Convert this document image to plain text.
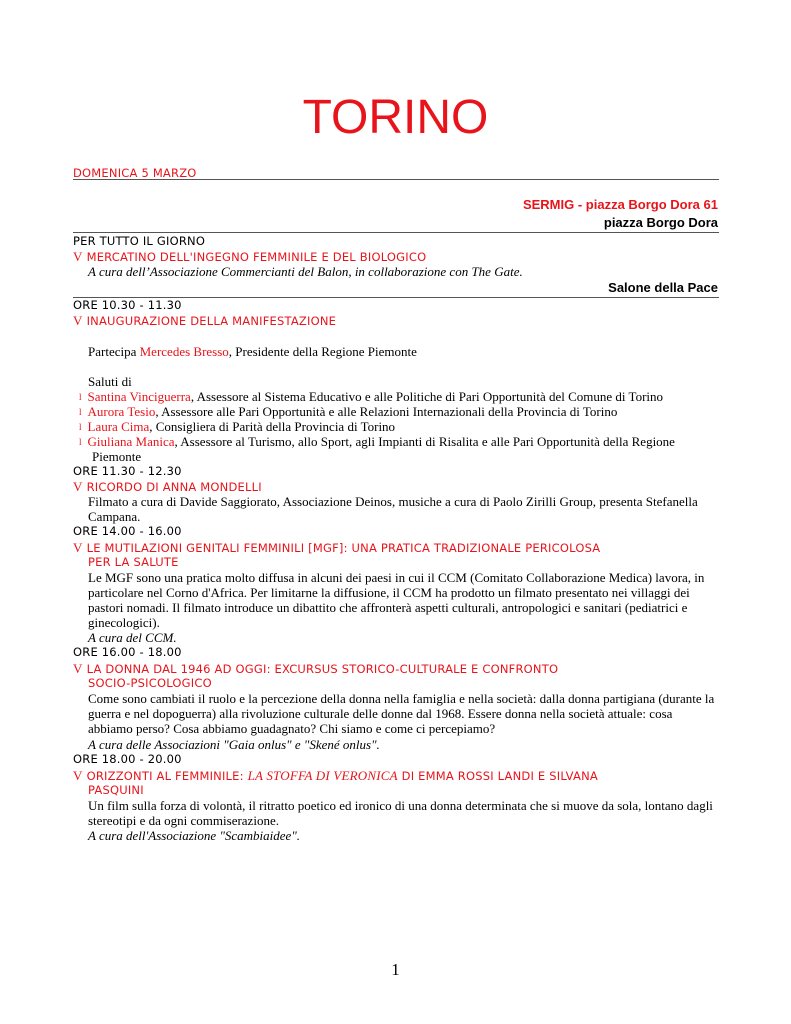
TORINO
DOMENICA 5 MARZO
SERMIG - piazza Borgo Dora 61
piazza Borgo Dora
PER TUTTO IL GIORNO
V MERCATINO DELL'INGEGNO FEMMINILE E DEL BIOLOGICO
A cura dell’Associazione Commercianti del Balon, in collaborazione con The Gate.
Salone della Pace
ORE 10.30 - 11.30
V INAUGURAZIONE DELLA MANIFESTAZIONE
Partecipa Mercedes Bresso, Presidente della Regione Piemonte
Saluti di
l Santina Vinciguerra, Assessore al Sistema Educativo e alle Politiche di Pari Opportunità del Comune di Torino
l Aurora Tesio, Assessore alle Pari Opportunità e alle Relazioni Internazionali della Provincia di Torino
l Laura Cima, Consigliera di Parità della Provincia di Torino
l Giuliana Manica, Assessore al Turismo, allo Sport, agli Impianti di Risalita e alle Pari Opportunità della Regione
Piemonte
ORE 11.30 - 12.30
V RICORDO DI ANNA MONDELLI
Filmato a cura di Davide Saggiorato, Associazione Deinos, musiche a cura di Paolo Zirilli Group, presenta Stefanella
Campana.
ORE 14.00 - 16.00
V LE MUTILAZIONI GENITALI FEMMINILI [MGF]: UNA PRATICA TRADIZIONALE PERICOLOSA
PER LA SALUTE
Le MGF sono una pratica molto diffusa in alcuni dei paesi in cui il CCM (Comitato Collaborazione Medica) lavora, in
particolare nel Corno d'Africa. Per limitarne la diffusione, il CCM ha prodotto un filmato presentato nei villaggi dei
pastori nomadi. Il filmato introduce un dibattito che affronterà aspetti culturali, antropologici e sanitari (pediatrici e
ginecologici).
A cura del CCM.
ORE 16.00 - 18.00
V LA DONNA DAL 1946 AD OGGI: EXCURSUS STORICO-CULTURALE E CONFRONTO
SOCIO-PSICOLOGICO
Come sono cambiati il ruolo e la percezione della donna nella famiglia e nella società: dalla donna partigiana (durante la
guerra e nel dopoguerra) alla rivoluzione culturale delle donne dal 1968. Essere donna nella società attuale: cosa
abbiamo perso? Cosa abbiamo guadagnato? Chi siamo e come ci percepiamo?
A cura delle Associazioni "Gaia onlus" e "Skené onlus".
ORE 18.00 - 20.00
V ORIZZONTI AL FEMMINILE: LA STOFFA DI VERONICA DI EMMA ROSSI LANDI E SILVANA
PASQUINI
Un film sulla forza di volontà, il ritratto poetico ed ironico di una donna determinata che si muove da sola, lontano dagli
stereotipi e da ogni commiserazione.
A cura dell'Associazione "Scambiaidee".
1
